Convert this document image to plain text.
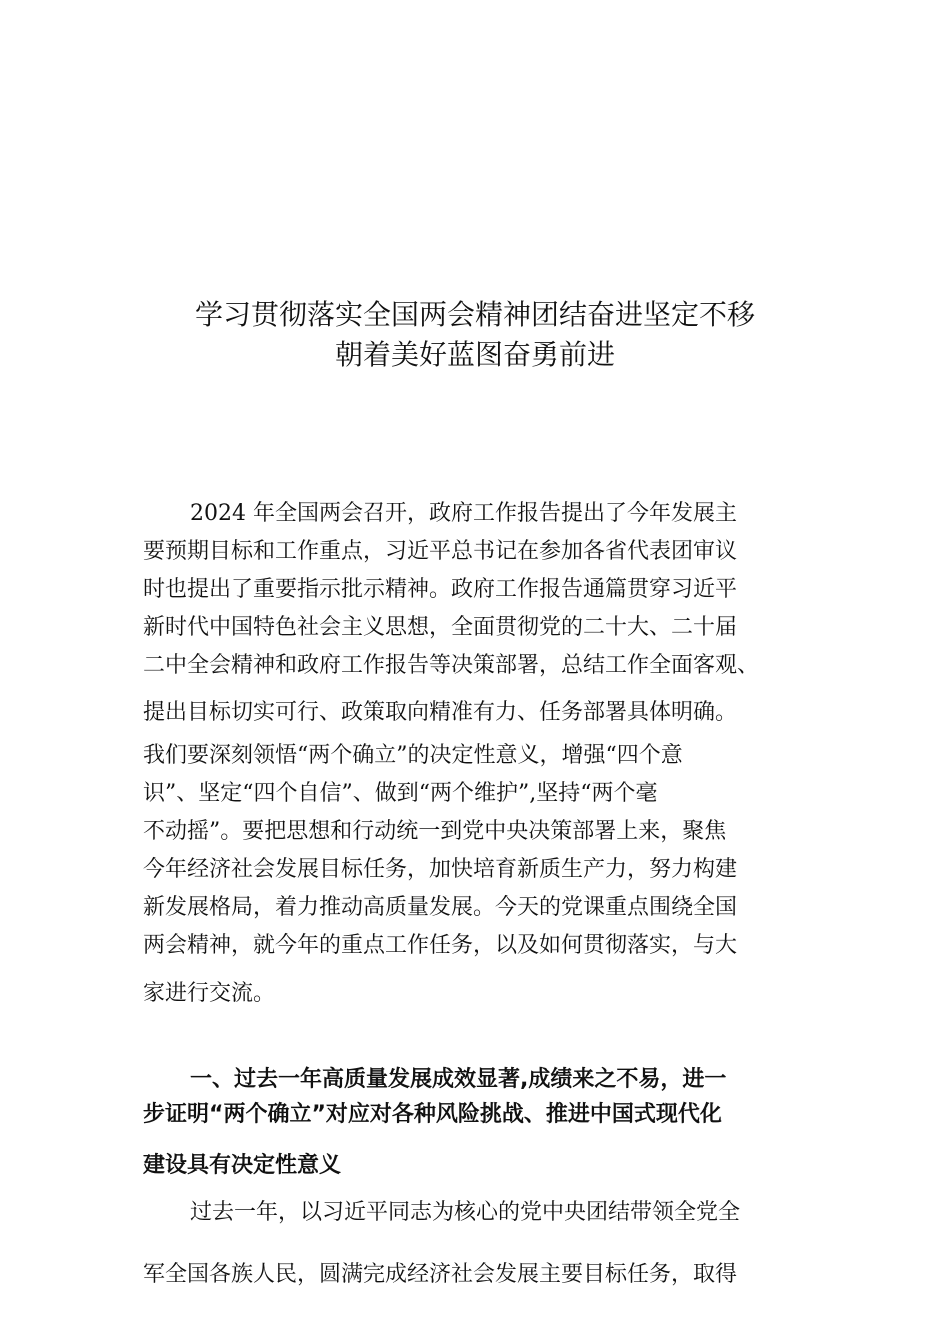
学习贯彻落实全国两会精神团结奋进坚定不移
朝着美好蓝图奋勇前进
2024 年全国两会召开，政府工作报告提出了今年发展主
要预期目标和工作重点，习近平总书记在参加各省代表团审议
时也提出了重要指示批示精神。政府工作报告通篇贯穿习近平
新时代中国特色社会主义思想，全面贯彻党的二十大、二十届
二中全会精神和政府工作报告等决策部署，总结工作全面客观、
提出目标切实可行、政策取向精准有力、任务部署具体明确。
我们要深刻领悟“两个确立”的决定性意义，增强“四个意
识”、坚定“四个自信”、做到“两个维护”,坚持“两个毫
不动摇”。要把思想和行动统一到党中央决策部署上来，聚焦
今年经济社会发展目标任务，加快培育新质生产力，努力构建
新发展格局，着力推动高质量发展。今天的党课重点围绕全国
两会精神，就今年的重点工作任务，以及如何贯彻落实，与大
家进行交流。
一、过去一年高质量发展成效显著,成绩来之不易，进一
步证明“两个确立”对应对各种风险挑战、推进中国式现代化
建设具有决定性意义
过去一年，以习近平同志为核心的党中央团结带领全党全
军全国各族人民，圆满完成经济社会发展主要目标任务，取得
